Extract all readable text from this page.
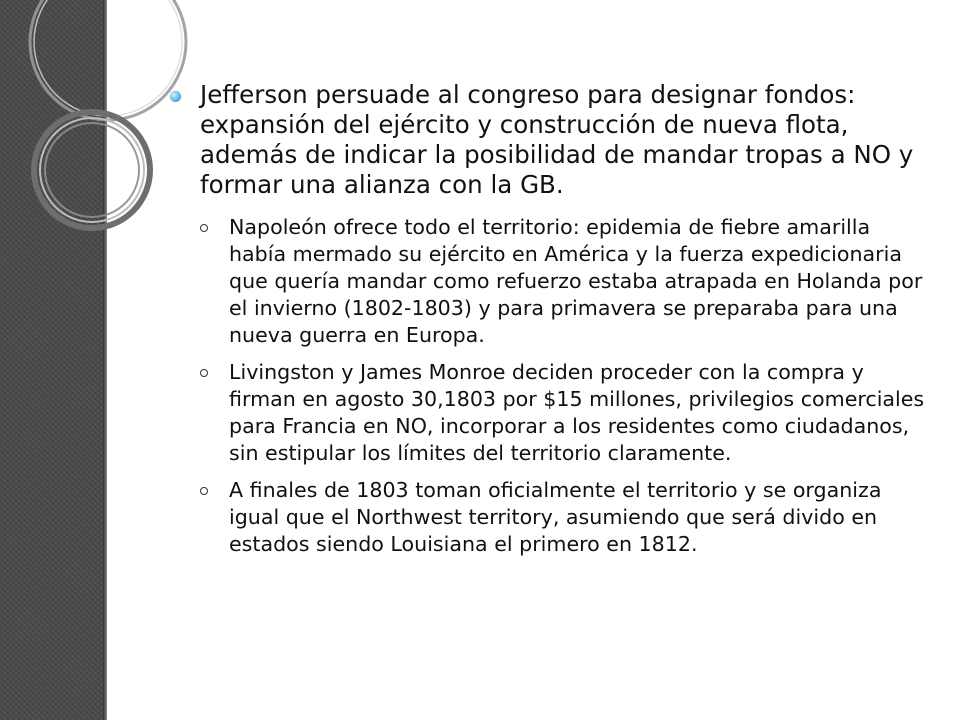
Jefferson persuade al congreso para designar fondos: expansión del ejército y construcción de nueva flota, además de indicar la posibilidad de mandar tropas a NO y formar una alianza con la GB.
Napoleón ofrece todo el territorio: epidemia de fiebre amarilla había mermado su ejército en América y la fuerza expedicionaria que quería mandar como refuerzo estaba atrapada en Holanda por el invierno (1802-1803) y para primavera se preparaba para una nueva guerra en Europa.
Livingston y James Monroe deciden proceder con la compra y firman en agosto 30,1803 por $15 millones, privilegios comerciales para Francia en NO, incorporar a los residentes como ciudadanos, sin estipular los límites del territorio claramente.
A finales de 1803 toman oficialmente el territorio y se organiza igual que el Northwest territory, asumiendo que será divido en estados siendo Louisiana el primero en 1812.
